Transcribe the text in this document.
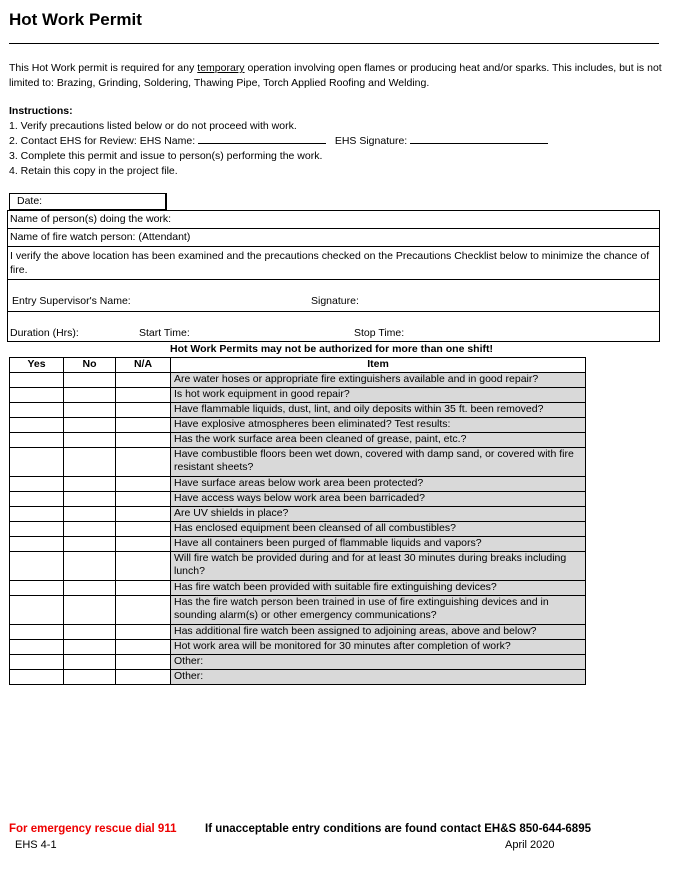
Hot Work Permit
This Hot Work permit is required for any temporary operation involving open flames or producing heat and/or sparks. This includes, but is not limited to: Brazing, Grinding, Soldering, Thawing Pipe, Torch Applied Roofing and Welding.
Instructions:
1. Verify precautions listed below or do not proceed with work.
2. Contact EHS for Review: EHS Name:	EHS Signature:
3. Complete this permit and issue to person(s) performing the work.
4. Retain this copy in the project file.
Date:
Name of person(s) doing the work:
Name of fire watch person: (Attendant)
I verify the above location has been examined and the precautions checked on the Precautions Checklist below to minimize the chance of fire.
Entry Supervisor's Name:	Signature:
Duration (Hrs):	Start Time:	Stop Time:
Hot Work Permits may not be authorized for more than one shift!
Yes	No	N/A	Item
			Are water hoses or appropriate fire extinguishers available and in good repair?
			Is hot work equipment in good repair?
			Have flammable liquids, dust, lint, and oily deposits within 35 ft. been removed?
			Have explosive atmospheres been eliminated? Test results:
			Has the work surface area been cleaned of grease, paint, etc.?
			Have combustible floors been wet down, covered with damp sand, or covered with fire resistant sheets?
			Have surface areas below work area been protected?
			Have access ways below work area been barricaded?
			Are UV shields in place?
			Has enclosed equipment been cleansed of all combustibles?
			Have all containers been purged of flammable liquids and vapors?
			Will fire watch be provided during and for at least 30 minutes during breaks including lunch?
			Has fire watch been provided with suitable fire extinguishing devices?
			Has the fire watch person been trained in use of fire extinguishing devices and in sounding alarm(s) or other emergency communications?
			Has additional fire watch been assigned to adjoining areas, above and below?
			Hot work area will be monitored for 30 minutes after completion of work?
			Other:
			Other:
For emergency rescue dial 911 If unacceptable entry conditions are found contact EH&S 850-644-6895
EHS 4-1	April 2020
